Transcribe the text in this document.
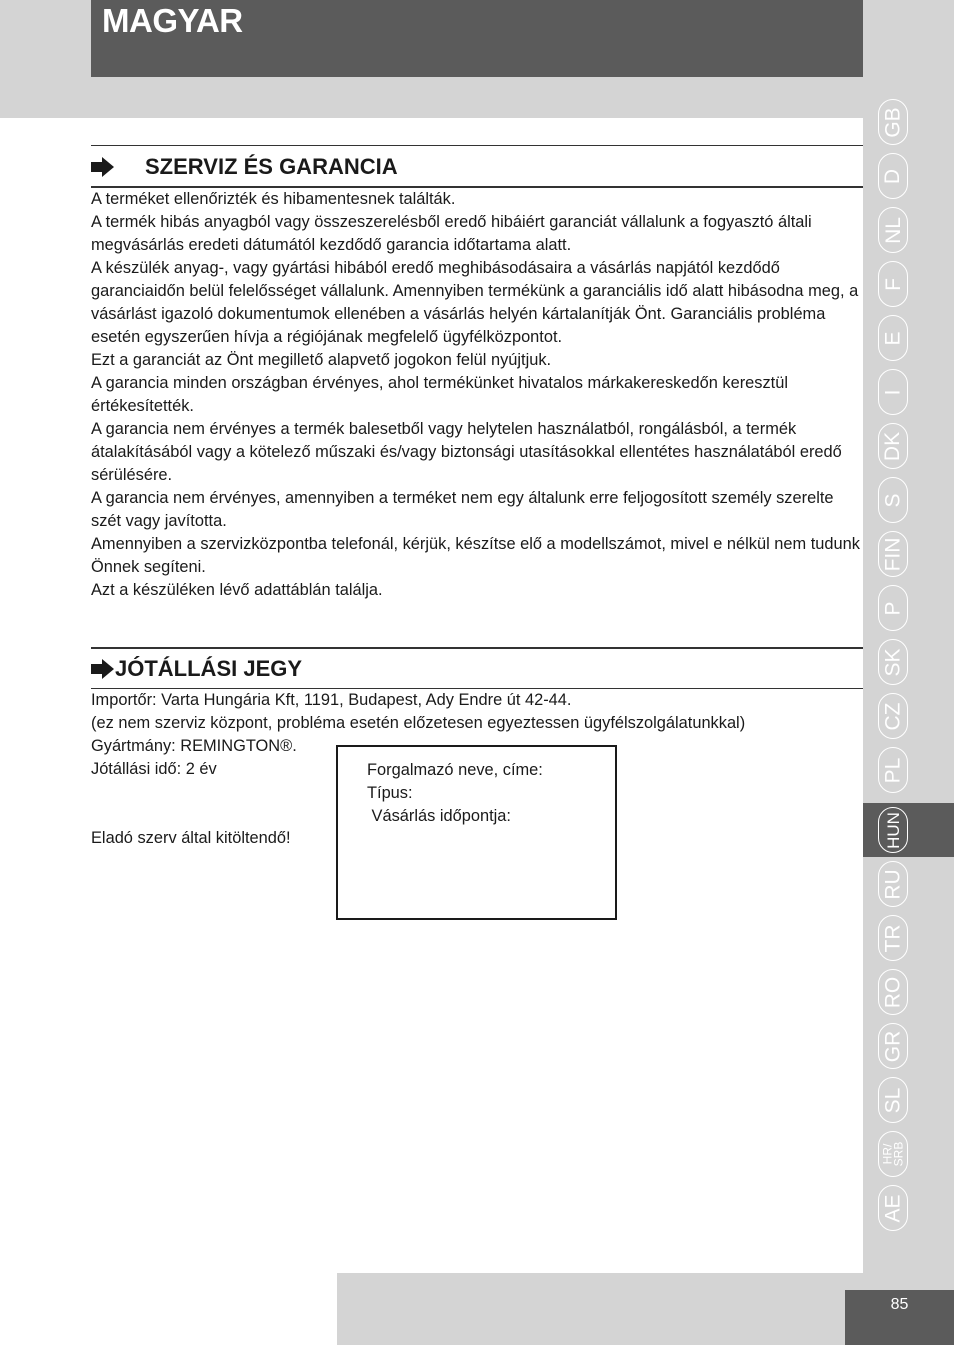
MAGYAR
GB
D
NL
F
E
I
DK
S
FIN
P
SK
CZ
PL
HUN
RU
TR
RO
GR
SL
HR/
SRB
AE
SZERVIZ ÉS GARANCIA

A terméket ellenőrizték és hibamentesnek találták.

A termék hibás anyagból vagy összeszerelésből eredő hibáiért garanciát vállalunk a fogyasztó általi megvásárlás eredeti dátumától kezdődő garancia időtartama alatt.

A készülék anyag-, vagy gyártási hibából eredő meghibásodásaira a vásárlás napjától kezdődő garanciaidőn belül felelősséget vállalunk. Amennyiben termékünk a garanciális idő alatt hibásodna meg, a vásárlást igazoló dokumentumok ellenében a vásárlás helyén kártalanítják Önt. Garanciális probléma esetén egyszerűen hívja a régiójának megfelelő ügyfélközpontot.

Ezt a garanciát az Önt megillető alapvető jogokon felül nyújtjuk.

A garancia minden országban érvényes, ahol termékünket hivatalos márkakereskedőn keresztül értékesítették.

A garancia nem érvényes a termék balesetből vagy helytelen használatból, rongálásból, a termék átalakításából vagy a kötelező műszaki és/vagy biztonsági utasításokkal ellentétes használatából eredő sérülésére.

A garancia nem érvényes, amennyiben a terméket nem egy általunk erre feljogosított személy szerelte szét vagy javította.

Amennyiben a szervizközpontba telefonál, kérjük, készítse elő a modellszámot, mivel e nélkül nem tudunk Önnek segíteni.

Azt a készüléken lévő adattáblán találja.

JÓTÁLLÁSI JEGY
Importőr: Varta Hungária Kft, 1191, Budapest, Ady Endre út 42-44.
(ez nem szerviz központ, probléma esetén előzetesen egyeztessen ügyfélszolgálatunkkal)
Gyártmány: REMINGTON®.
Jótállási idő: 2 év
Eladó szerv által kitöltendő!

Forgalmazó neve, címe:

Típus:

Vásárlás időpontja:

85
